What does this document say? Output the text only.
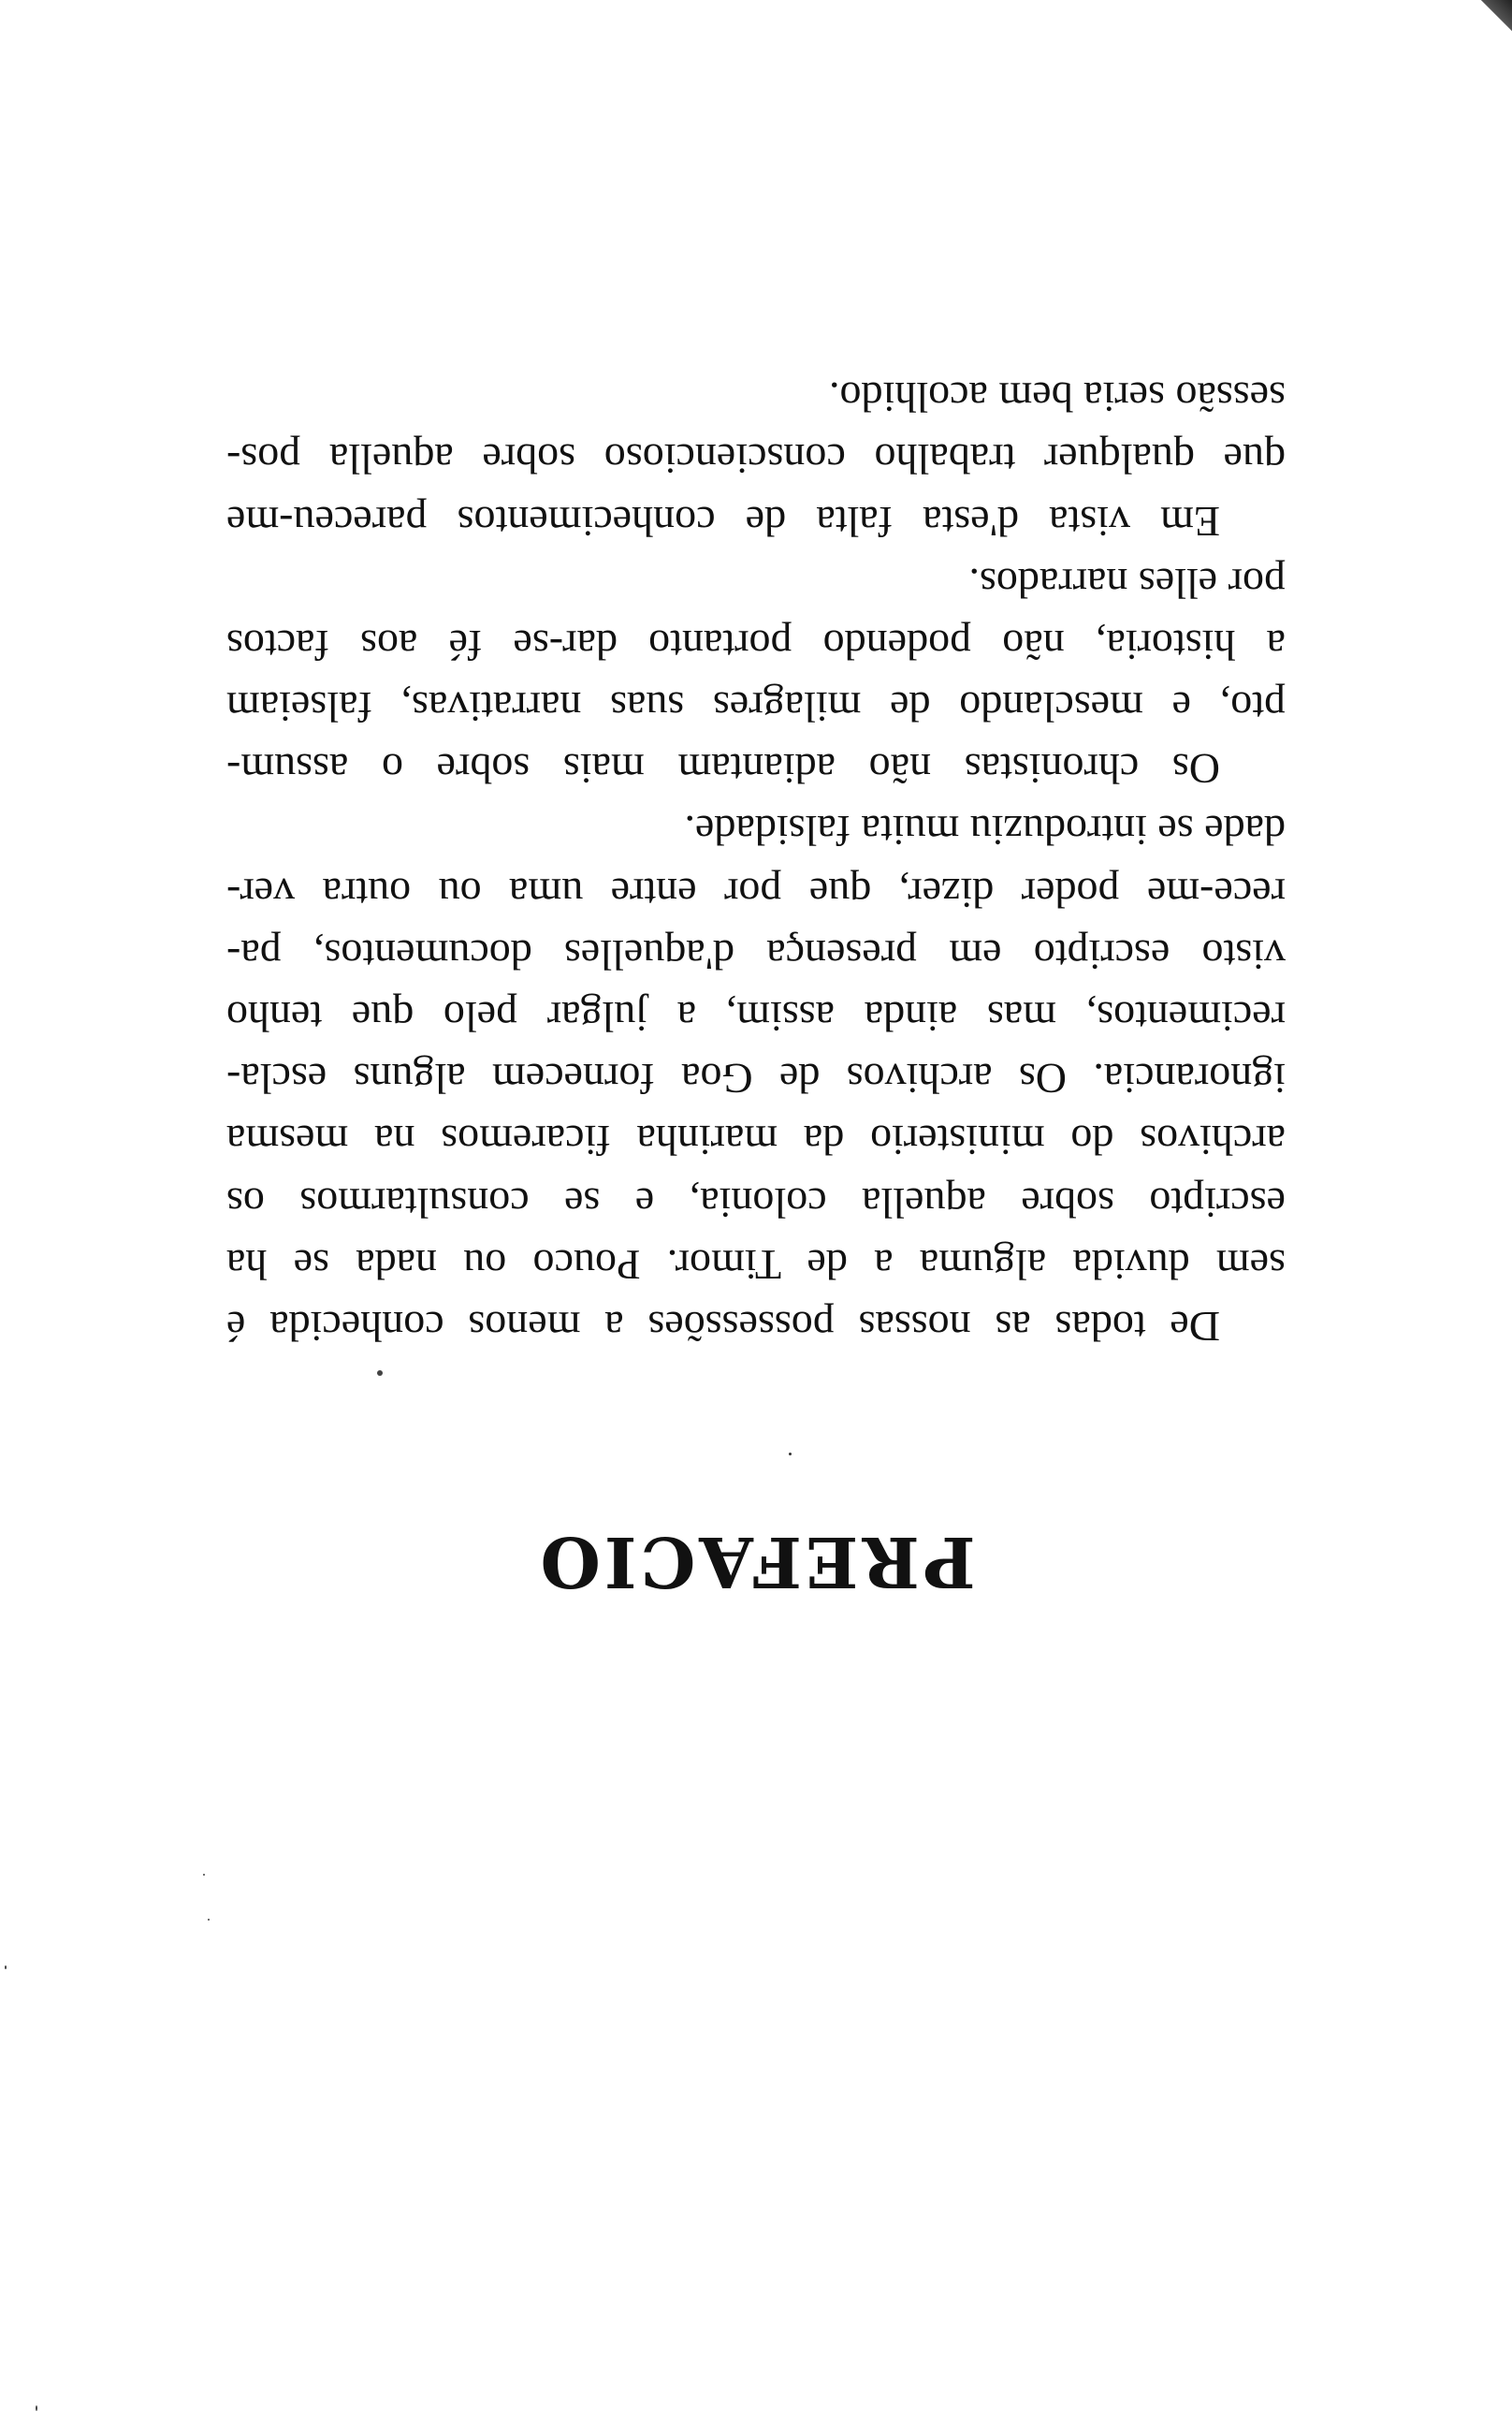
PREFACIO
De todas as nossas possessões a menos conhecida é
sem duvida alguma a de Timor. Pouco ou nada se ha
escripto sobre aquella colonia, e se consultarmos os
archivos do ministerio da marinha ficaremos na mesma
ignorancia. Os archivos de Goa fornecem alguns escla-
recimentos, mas ainda assim, a julgar pelo que tenho
visto escripto em presença d'aquelles documentos, pa-
rece-me poder dizer, que por entre uma ou outra ver-
dade se introduziu muita falsidade.
Os chronistas não adiantam mais sobre o assum-
pto, e mesclando de milagres suas narrativas, falseiam
a historia, não podendo portanto dar-se fé aos factos
por elles narrados.
Em vista d'esta falta de conhecimentos pareceu-me
que qualquer trabalho consciencioso sobre aquella pos-
sessão seria bem acolhido.
